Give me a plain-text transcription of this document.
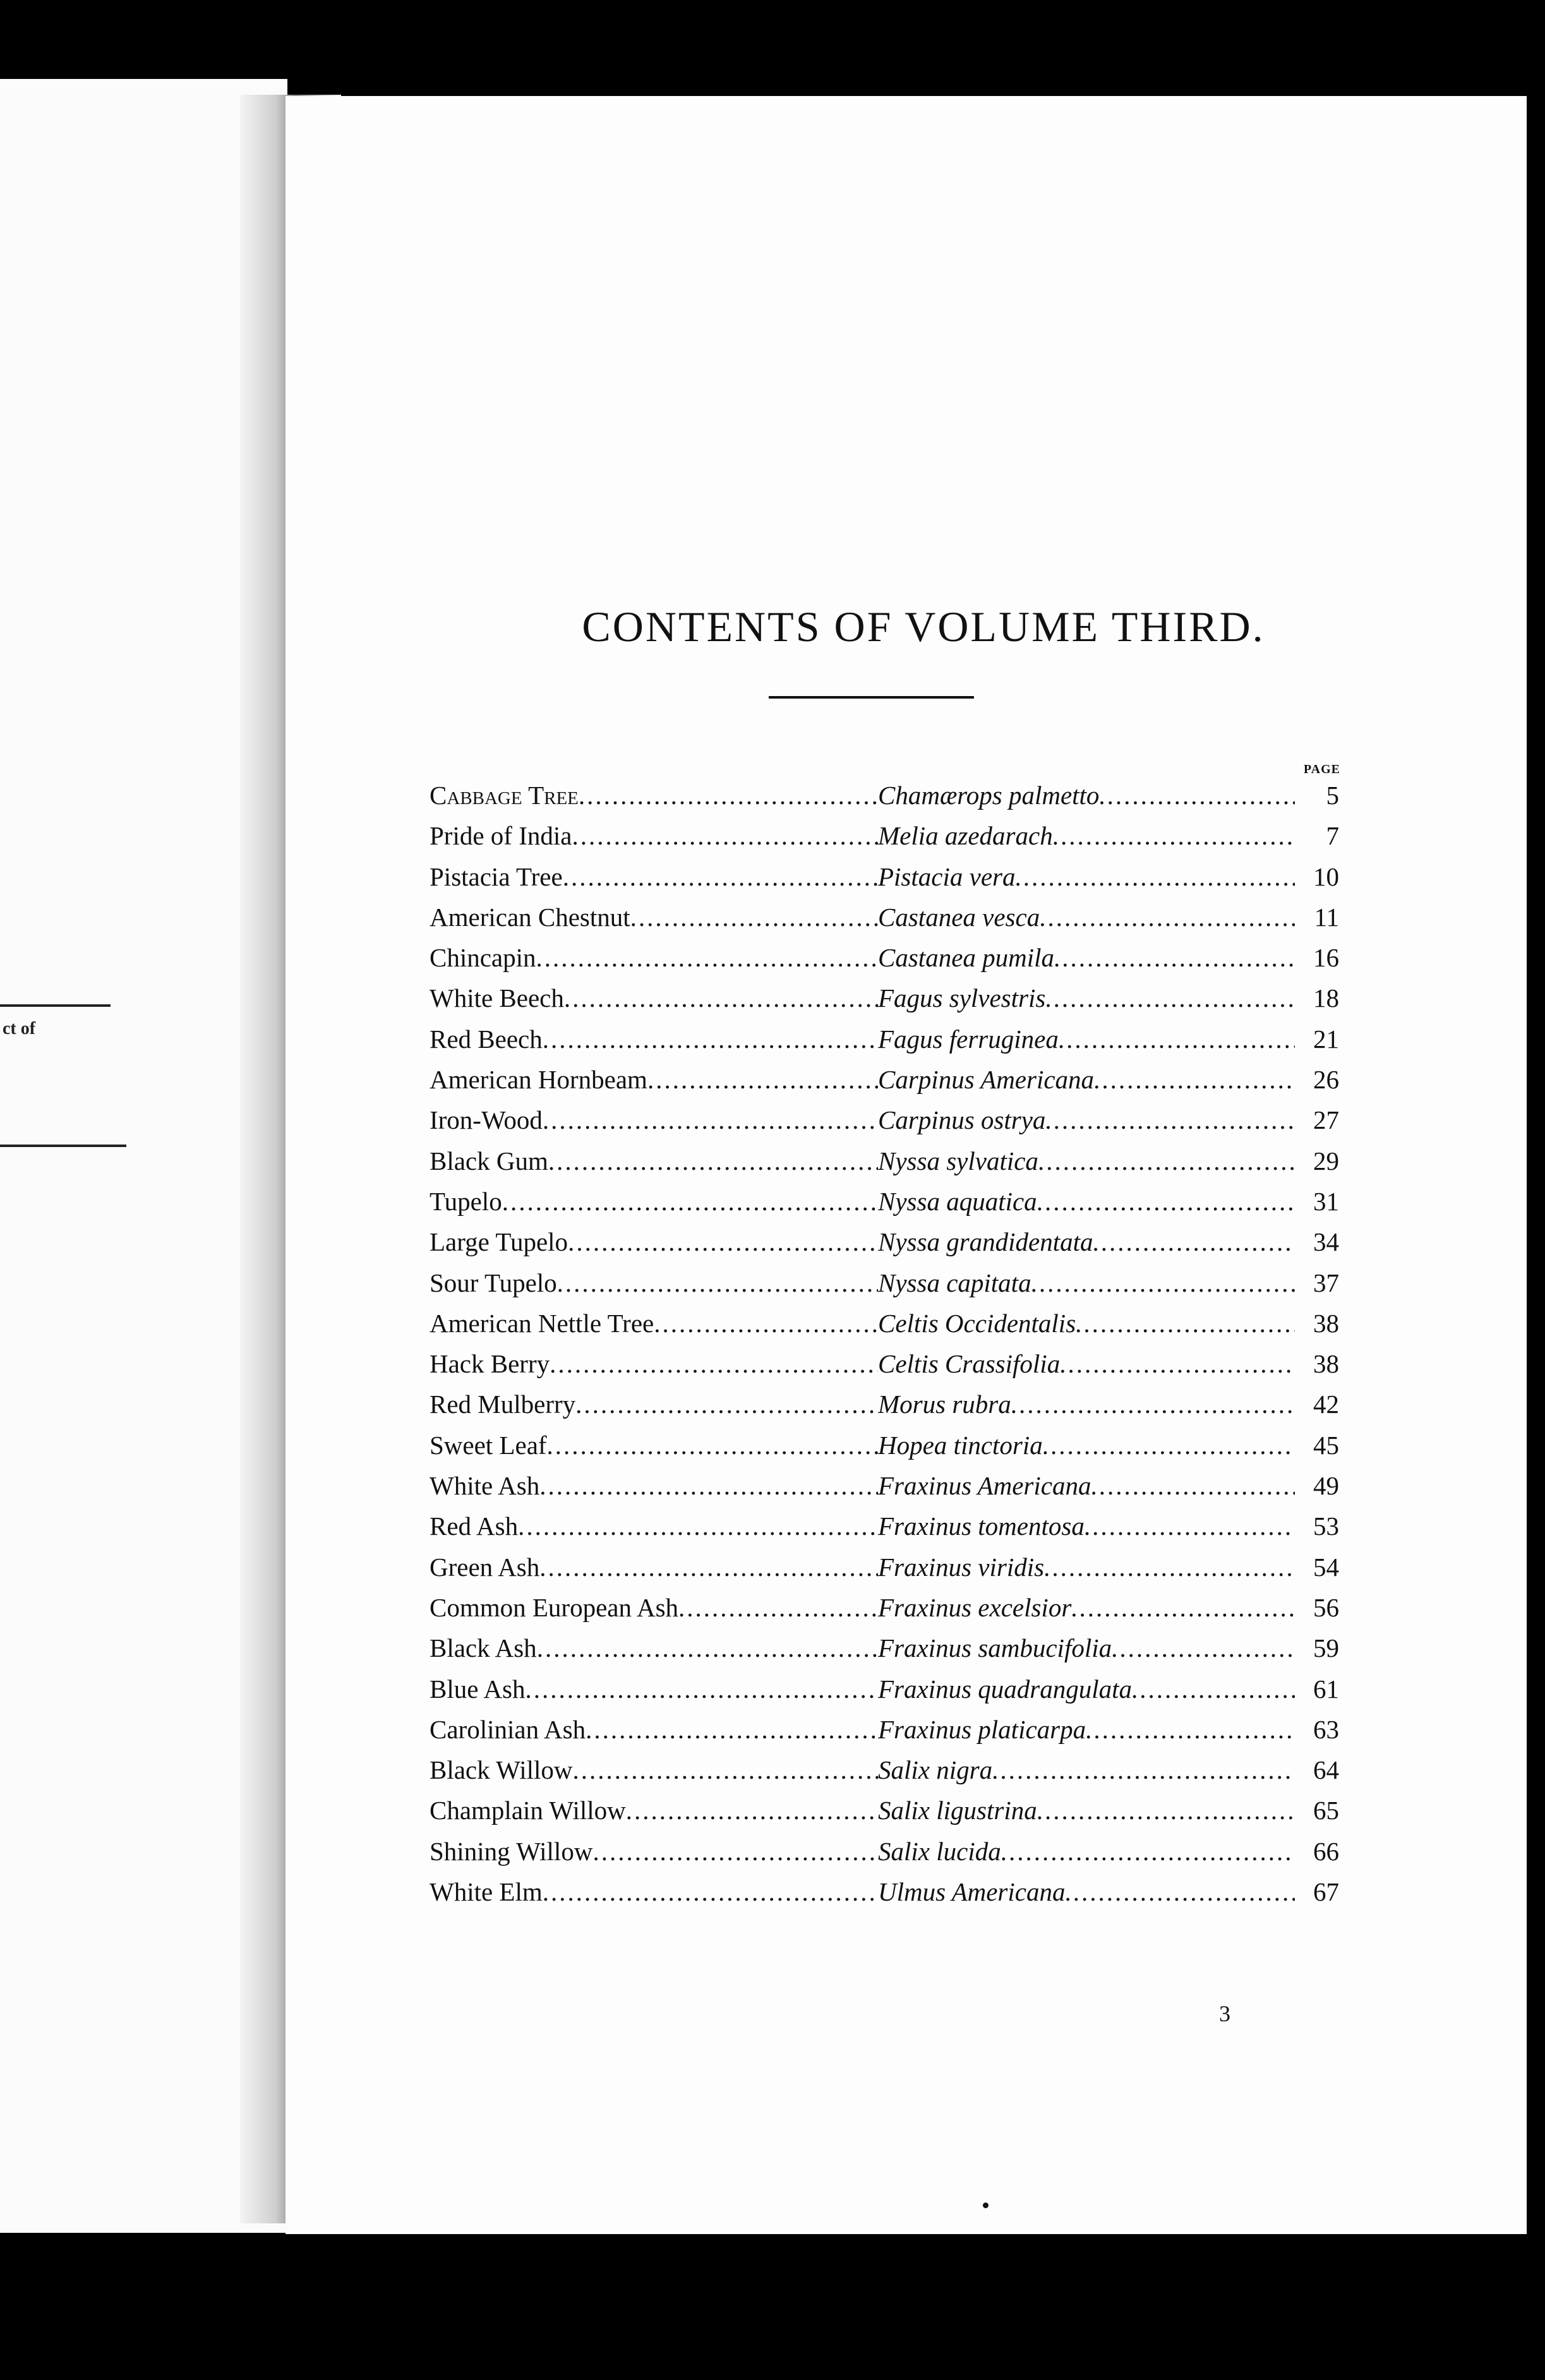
ct of
CONTENTS OF VOLUME THIRD.
PAGE
Cabbage Tree .....	Chamærops palmetto .....	5
Pride of India .....	Melia azedarach .....	7
Pistacia Tree .....	Pistacia vera .....	10
American Chestnut .....	Castanea vesca .....	11
Chincapin .....	Castanea pumila .....	16
White Beech .....	Fagus sylvestris .....	18
Red Beech .....	Fagus ferruginea .....	21
American Hornbeam .....	Carpinus Americana .....	26
Iron-Wood .....	Carpinus ostrya .....	27
Black Gum .....	Nyssa sylvatica .....	29
Tupelo .....	Nyssa aquatica .....	31
Large Tupelo .....	Nyssa grandidentata .....	34
Sour Tupelo .....	Nyssa capitata .....	37
American Nettle Tree .....	Celtis Occidentalis .....	38
Hack Berry .....	Celtis Crassifolia .....	38
Red Mulberry .....	Morus rubra .....	42
Sweet Leaf .....	Hopea tinctoria .....	45
White Ash .....	Fraxinus Americana .....	49
Red Ash .....	Fraxinus tomentosa .....	53
Green Ash .....	Fraxinus viridis .....	54
Common European Ash .....	Fraxinus excelsior .....	56
Black Ash .....	Fraxinus sambucifolia .....	59
Blue Ash .....	Fraxinus quadrangulata .....	61
Carolinian Ash .....	Fraxinus platicarpa .....	63
Black Willow .....	Salix nigra .....	64
Champlain Willow .....	Salix ligustrina .....	65
Shining Willow .....	Salix lucida .....	66
White Elm .....	Ulmus Americana .....	67
3
